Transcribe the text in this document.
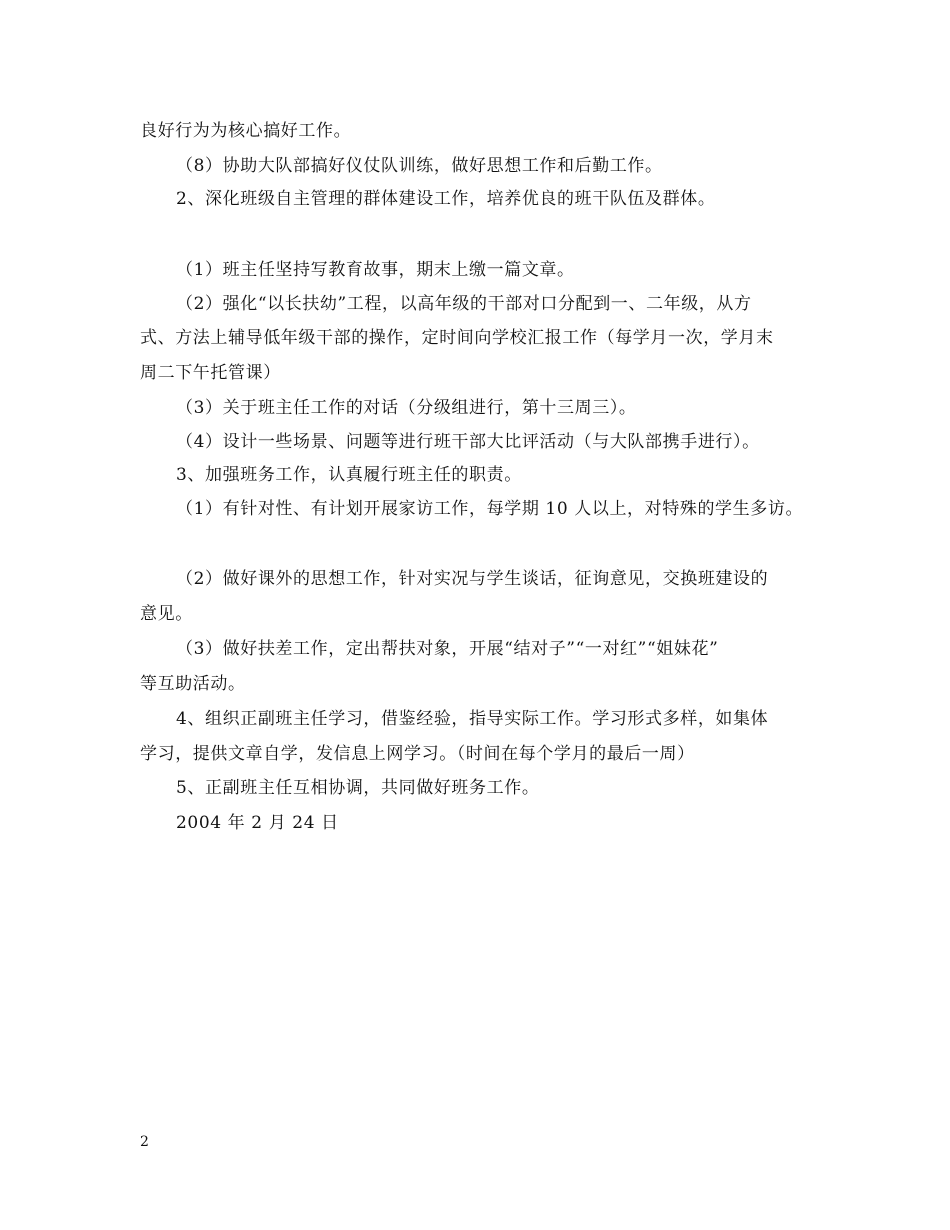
良好行为为核心搞好工作。
（8）协助大队部搞好仪仗队训练，做好思想工作和后勤工作。
2、深化班级自主管理的群体建设工作，培养优良的班干队伍及群体。
（1）班主任坚持写教育故事，期末上缴一篇文章。
（2）强化“以长扶幼”工程，以高年级的干部对口分配到一、二年级，从方
式、方法上辅导低年级干部的操作，定时间向学校汇报工作（每学月一次，学月末
周二下午托管课）
（3）关于班主任工作的对话（分级组进行，第十三周三）。
（4）设计一些场景、问题等进行班干部大比评活动（与大队部携手进行）。
3、加强班务工作，认真履行班主任的职责。
（1）有针对性、有计划开展家访工作，每学期 10 人以上，对特殊的学生多访。
（2）做好课外的思想工作，针对实况与学生谈话，征询意见，交换班建设的
意见。
（3）做好扶差工作，定出帮扶对象，开展“结对子”“一对红”“姐妹花”
等互助活动。
4、组织正副班主任学习，借鉴经验，指导实际工作。学习形式多样，如集体
学习，提供文章自学，发信息上网学习。（时间在每个学月的最后一周）
5、正副班主任互相协调，共同做好班务工作。
2004 年 2 月 24 日
2
